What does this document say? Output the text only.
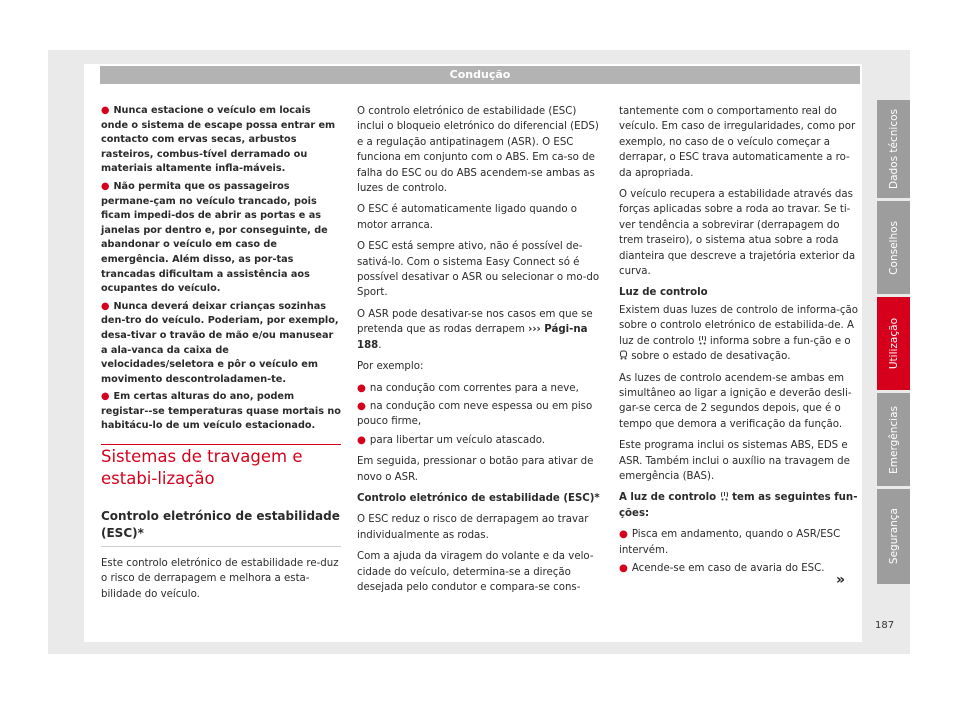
Condução

● Nunca estacione o veículo em locais onde o sistema de escape possa entrar em contacto com ervas secas, arbustos rasteiros, combus-tível derramado ou materiais altamente infla-máveis.

● Não permita que os passageiros permane-çam no veículo trancado, pois ficam impedi-dos de abrir as portas e as janelas por dentro e, por conseguinte, de abandonar o veículo em caso de emergência. Além disso, as por-tas trancadas dificultam a assistência aos ocupantes do veículo.

● Nunca deverá deixar crianças sozinhas den-tro do veículo. Poderiam, por exemplo, desa-tivar o travão de mão e/ou manusear a ala-vanca da caixa de velocidades/seletora e pôr o veículo em movimento descontroladamen-te.

● Em certas alturas do ano, podem registar--se temperaturas quase mortais no habitácu-lo de um veículo estacionado.

Sistemas de travagem e estabi-lização
Controlo eletrónico de estabilidade (ESC)*
Este controlo eletrónico de estabilidade re-duz o risco de derrapagem e melhora a esta-bilidade do veículo.

O controlo eletrónico de estabilidade (ESC) inclui o bloqueio eletrónico do diferencial (EDS) e a regulação antipatinagem (ASR). O ESC funciona em conjunto com o ABS. Em ca-so de falha do ESC ou do ABS acendem-se ambas as luzes de controlo.

O ESC é automaticamente ligado quando o motor arranca.

O ESC está sempre ativo, não é possível de-sativá-lo. Com o sistema Easy Connect só é possível desativar o ASR ou selecionar o mo-do Sport.

O ASR pode desativar-se nos casos em que se pretenda que as rodas derrapem ››› Pági-na 188.

Por exemplo:

● na condução com correntes para a neve,
● na condução com neve espessa ou em piso pouco firme,
● para libertar um veículo atascado.

Em seguida, pressionar o botão para ativar de novo o ASR.

Controlo eletrónico de estabilidade (ESC)*

O ESC reduz o risco de derrapagem ao travar individualmente as rodas.

Com a ajuda da viragem do volante e da velo-cidade do veículo, determina-se a direção desejada pelo condutor e compara-se cons-

tantemente com o comportamento real do veículo. Em caso de irregularidades, como por exemplo, no caso de o veículo começar a derrapar, o ESC trava automaticamente a ro-da apropriada.

O veículo recupera a estabilidade através das forças aplicadas sobre a roda ao travar. Se ti-ver tendência a sobrevirar (derrapagem do trem traseiro), o sistema atua sobre a roda dianteira que descreve a trajetória exterior da curva.

Luz de controlo

Existem duas luzes de controlo de informa-ção sobre o controlo eletrónico de estabilida-de. A luz de controlo informa sobre a fun-ção e o  sobre o estado de desativação.

As luzes de controlo acendem-se ambas em simultâneo ao ligar a ignição e deverão desli-gar-se cerca de 2 segundos depois, que é o tempo que demora a verificação da função.

Este programa inclui os sistemas ABS, EDS e ASR. Também inclui o auxílio na travagem de emergência (BAS).

A luz de controlo tem as seguintes fun-ções:

● Pisca em andamento, quando o ASR/ESC intervém.
● Acende-se em caso de avaria do ESC.
»
Dados técnicos
Conselhos
Utilização
Emergências
Segurança
187
